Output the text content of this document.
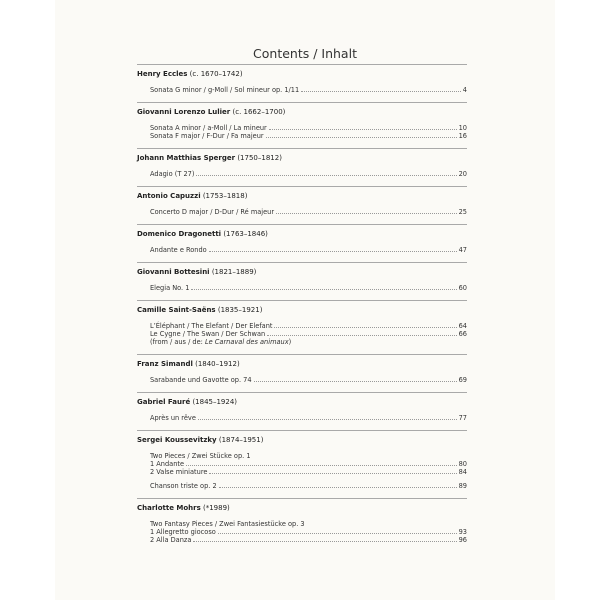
Contents / Inhalt
Henry Eccles (c. 1670–1742)
Sonata G minor / g-Moll / Sol mineur op. 1/11	4
Giovanni Lorenzo Lulier (c. 1662–1700)
Sonata A minor / a-Moll / La mineur	10
Sonata F major / F-Dur / Fa majeur	16
Johann Matthias Sperger (1750–1812)
Adagio (T 27)	20
Antonio Capuzzi (1753–1818)
Concerto D major / D-Dur / Ré majeur	25
Domenico Dragonetti (1763–1846)
Andante e Rondo	47
Giovanni Bottesini (1821–1889)
Elegia No. 1	60
Camille Saint-Saëns (1835–1921)
L’Éléphant / The Elefant / Der Elefant	64
Le Cygne / The Swan / Der Schwan	66
(from / aus / de: Le Carnaval des animaux)
Franz Simandl (1840–1912)
Sarabande und Gavotte op. 74	69
Gabriel Fauré (1845–1924)
Après un rêve	77
Sergei Koussevitzky (1874–1951)
Two Pieces / Zwei Stücke op. 1
1 Andante	80
2 Valse miniature	84
Chanson triste op. 2	89
Charlotte Mohrs (*1989)
Two Fantasy Pieces / Zwei Fantasiestücke op. 3
1 Allegretto giocoso	93
2 Alla Danza	96
